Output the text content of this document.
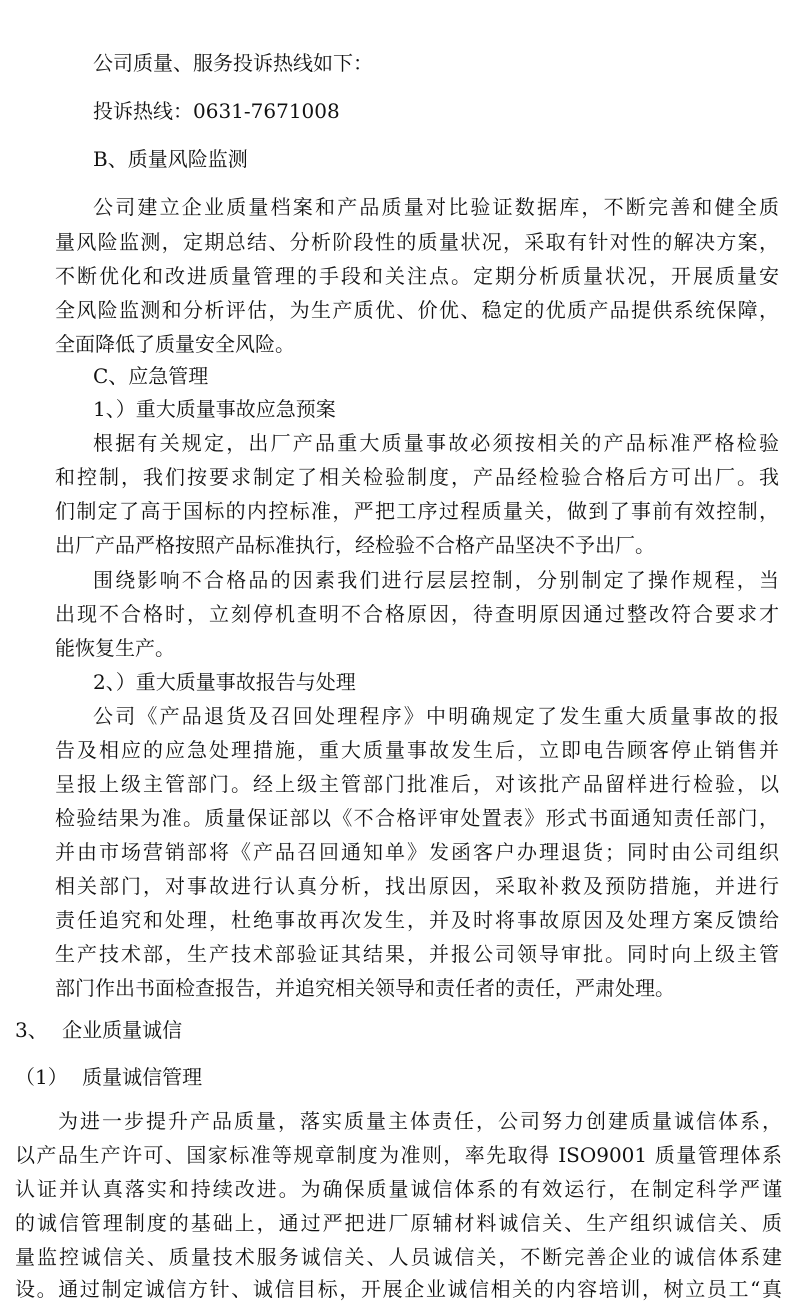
公司质量、服务投诉热线如下：
投诉热线：0631-7671008
B、质量风险监测
公司建立企业质量档案和产品质量对比验证数据库，不断完善和健全质
量风险监测，定期总结、分析阶段性的质量状况，采取有针对性的解决方案，
不断优化和改进质量管理的手段和关注点。定期分析质量状况，开展质量安
全风险监测和分析评估，为生产质优、价优、稳定的优质产品提供系统保障，
全面降低了质量安全风险。
C、应急管理
1、）重大质量事故应急预案
根据有关规定，出厂产品重大质量事故必须按相关的产品标准严格检验
和控制，我们按要求制定了相关检验制度，产品经检验合格后方可出厂。我
们制定了高于国标的内控标准，严把工序过程质量关，做到了事前有效控制，
出厂产品严格按照产品标准执行，经检验不合格产品坚决不予出厂。
围绕影响不合格品的因素我们进行层层控制，分别制定了操作规程，当
出现不合格时，立刻停机查明不合格原因，待查明原因通过整改符合要求才
能恢复生产。
2、）重大质量事故报告与处理
公司《产品退货及召回处理程序》中明确规定了发生重大质量事故的报
告及相应的应急处理措施，重大质量事故发生后，立即电告顾客停止销售并
呈报上级主管部门。经上级主管部门批准后，对该批产品留样进行检验，以
检验结果为准。质量保证部以《不合格评审处置表》形式书面通知责任部门，
并由市场营销部将《产品召回通知单》发函客户办理退货；同时由公司组织
相关部门，对事故进行认真分析，找出原因，采取补救及预防措施，并进行
责任追究和处理，杜绝事故再次发生，并及时将事故原因及处理方案反馈给
生产技术部，生产技术部验证其结果，并报公司领导审批。同时向上级主管
部门作出书面检查报告，并追究相关领导和责任者的责任，严肃处理。
3、 企业质量诚信
（1） 质量诚信管理
为进一步提升产品质量，落实质量主体责任，公司努力创建质量诚信体系，
以产品生产许可、国家标准等规章制度为准则，率先取得 ISO9001 质量管理体系
认证并认真落实和持续改进。为确保质量诚信体系的有效运行，在制定科学严谨
的诚信管理制度的基础上，通过严把进厂原辅材料诚信关、生产组织诚信关、质
量监控诚信关、质量技术服务诚信关、人员诚信关，不断完善企业的诚信体系建
设。通过制定诚信方针、诚信目标，开展企业诚信相关的内容培训，树立员工“真
